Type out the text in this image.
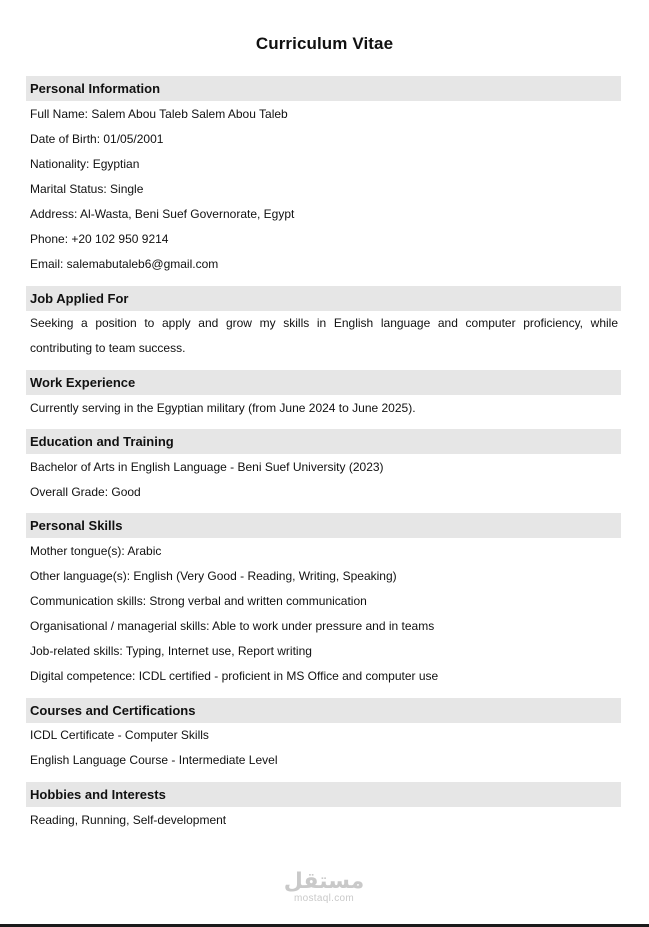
Curriculum Vitae
Personal Information
Full Name: Salem Abou Taleb Salem Abou Taleb
Date of Birth: 01/05/2001
Nationality: Egyptian
Marital Status: Single
Address: Al-Wasta, Beni Suef Governorate, Egypt
Phone: +20 102 950 9214
Email: salemabutaleb6@gmail.com
Job Applied For
Seeking a position to apply and grow my skills in English language and computer proficiency, while contributing to team success.
Work Experience
Currently serving in the Egyptian military (from June 2024 to June 2025).
Education and Training
Bachelor of Arts in English Language - Beni Suef University (2023)
Overall Grade: Good
Personal Skills
Mother tongue(s): Arabic
Other language(s): English (Very Good - Reading, Writing, Speaking)
Communication skills: Strong verbal and written communication
Organisational / managerial skills: Able to work under pressure and in teams
Job-related skills: Typing, Internet use, Report writing
Digital competence: ICDL certified - proficient in MS Office and computer use
Courses and Certifications
ICDL Certificate - Computer Skills
English Language Course - Intermediate Level
Hobbies and Interests
Reading, Running, Self-development
مستقل
mostaql.com
